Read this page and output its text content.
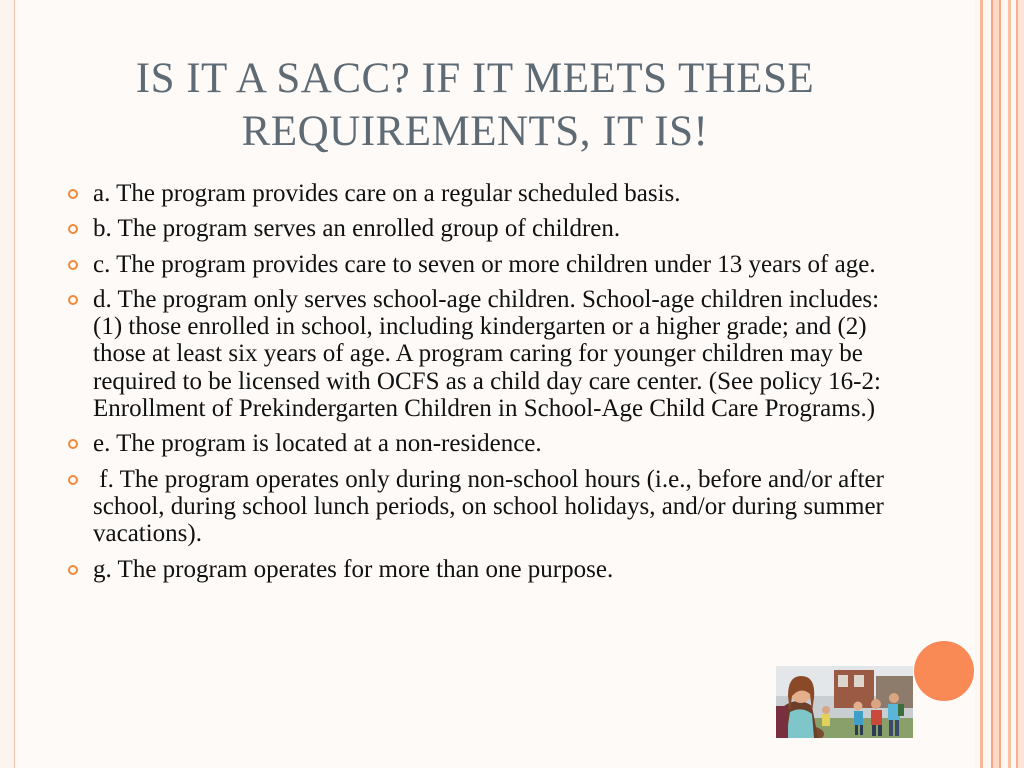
IS IT A SACC? IF IT MEETS THESE
REQUIREMENTS, IT IS!
a. The program provides care on a regular scheduled basis.
b. The program serves an enrolled group of children.
c. The program provides care to seven or more children under 13 years of age.
d. The program only serves school-age children. School-age children includes: (1) those enrolled in school, including kindergarten or a higher grade; and (2) those at least six years of age. A program caring for younger children may be required to be licensed with OCFS as a child day care center. (See policy 16-2: Enrollment of Prekindergarten Children in School-Age Child Care Programs.)
e. The program is located at a non-residence.
f. The program operates only during non-school hours (i.e., before and/or after school, during school lunch periods, on school holidays, and/or during summer vacations).
g. The program operates for more than one purpose.
